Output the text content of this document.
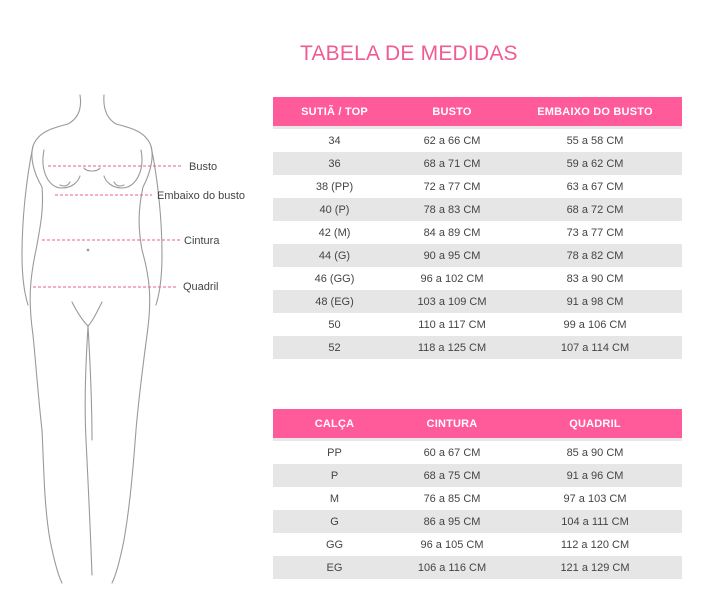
TABELA DE MEDIDAS
Busto
Embaixo do busto
Cintura
Quadril
SUTIÃ / TOP	BUSTO	EMBAIXO DO BUSTO
34	62 a 66 CM	55 a 58 CM
36	68 a 71 CM	59 a 62 CM
38 (PP)	72 a 77 CM	63 a 67 CM
40 (P)	78 a 83 CM	68 a 72 CM
42 (M)	84 a 89 CM	73 a 77 CM
44 (G)	90 a 95 CM	78 a 82 CM
46 (GG)	96 a 102 CM	83 a 90 CM
48 (EG)	103 a 109 CM	91 a 98 CM
50	110 a 117 CM	99 a 106 CM
52	118 a 125 CM	107 a 114 CM
CALÇA	CINTURA	QUADRIL
PP	60 a 67 CM	85 a 90 CM
P	68 a 75 CM	91 a 96 CM
M	76 a 85 CM	97 a 103 CM
G	86 a 95 CM	104 a 111 CM
GG	96 a 105 CM	112 a 120 CM
EG	106 a 116 CM	121 a 129 CM
